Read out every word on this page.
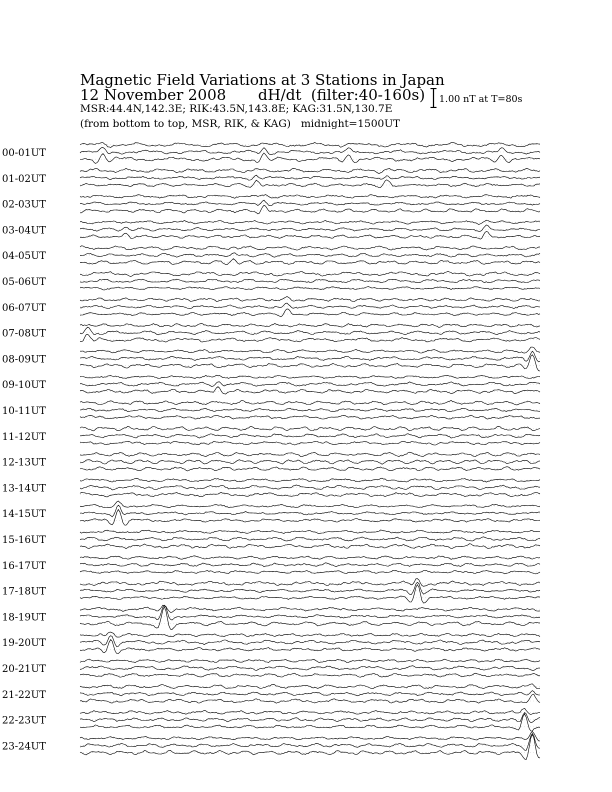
Magnetic Field Variations at 3 Stations in Japan
12 November 2008 dH/dt (filter:40-160s)
MSR:44.4N,142.3E; RIK:43.5N,143.8E; KAG:31.5N,130.7E
(from bottom to top, MSR, RIK, & KAG) midnight=1500UT
1.00 nT at T=80s
00-01UT
01-02UT
02-03UT
03-04UT
04-05UT
05-06UT
06-07UT
07-08UT
08-09UT
09-10UT
10-11UT
11-12UT
12-13UT
13-14UT
14-15UT
15-16UT
16-17UT
17-18UT
18-19UT
19-20UT
20-21UT
21-22UT
22-23UT
23-24UT
